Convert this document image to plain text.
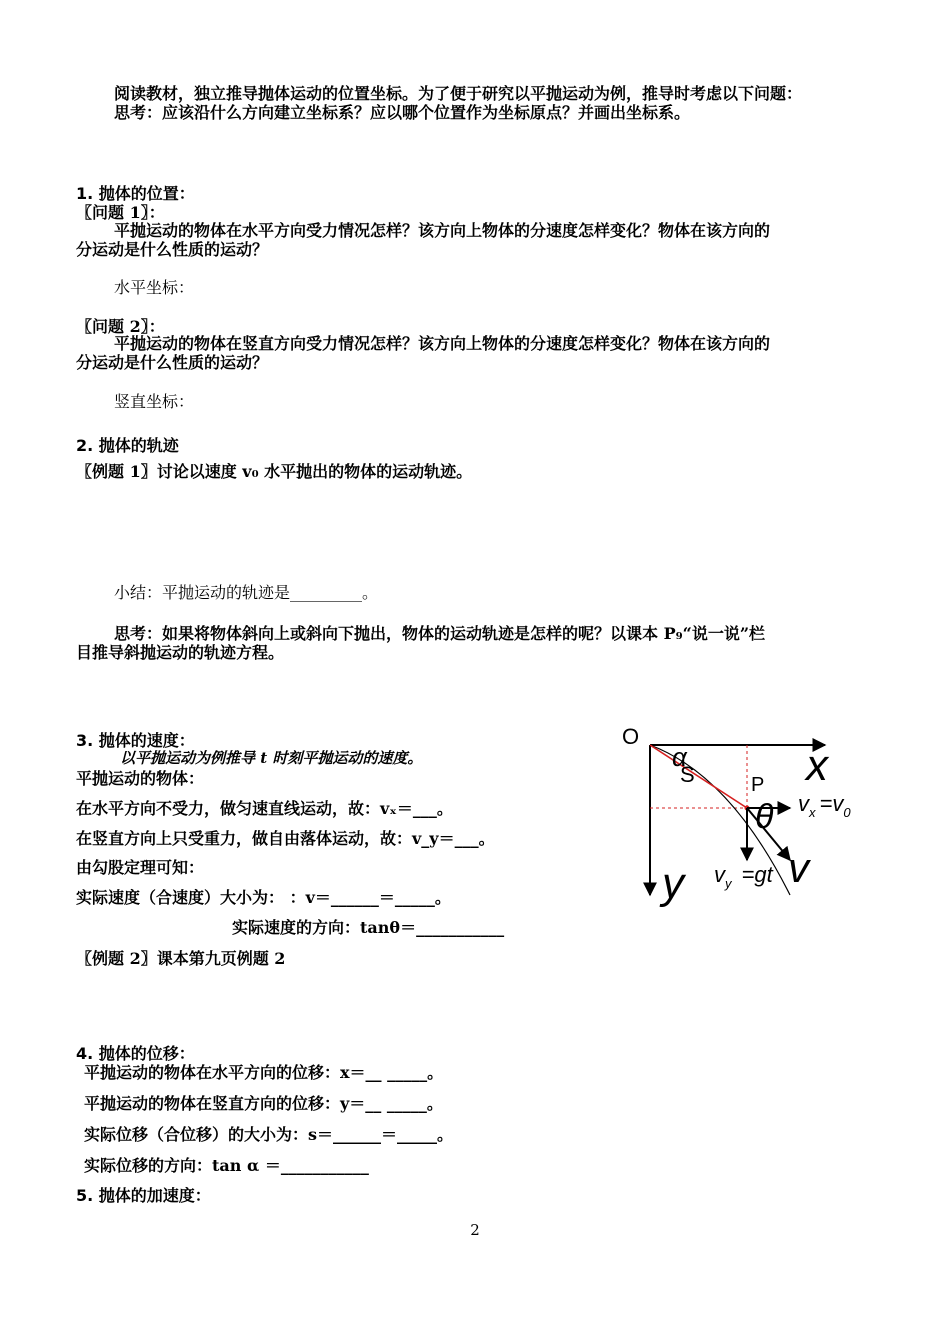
阅读教材，独立推导抛体运动的位置坐标。为了便于研究以平抛运动为例，推导时考虑以下问题：
思考：应该沿什么方向建立坐标系？应以哪个位置作为坐标原点？并画出坐标系。
1. 抛体的位置：
〖问题 1〗：
平抛运动的物体在水平方向受力情况怎样？该方向上物体的分速度怎样变化？物体在该方向的
分运动是什么性质的运动？
水平坐标：
〖问题 2〗：
平抛运动的物体在竖直方向受力情况怎样？该方向上物体的分速度怎样变化？物体在该方向的
分运动是什么性质的运动？
竖直坐标：
2. 抛体的轨迹
〖例题 1〗讨论以速度 v₀ 水平抛出的物体的运动轨迹。
小结：平抛运动的轨迹是_________。
思考：如果将物体斜向上或斜向下抛出，物体的运动轨迹是怎样的呢？以课本 P₉“说一说”栏
目推导斜抛运动的轨迹方程。
3. 抛体的速度：
以平抛运动为例推导 t 时刻平抛运动的速度。
平抛运动的物体：
在水平方向不受力，做匀速直线运动，故：vₓ＝___。
在竖直方向上只受重力，做自由落体运动，故：v_y＝___。
由勾股定理可知：
实际速度（合速度）大小为： ：v＝______＝_____。
实际速度的方向：tanθ＝___________
〖例题 2〗课本第九页例题 2
4. 抛体的位移：
平抛运动的物体在水平方向的位移：x＝__ _____。
平抛运动的物体在竖直方向的位移：y＝__ _____。
实际位移（合位移）的大小为：s＝______＝_____。
实际位移的方向：tan α ＝___________
5. 抛体的加速度：
2
O
x
y
α
S	P
θ $v_x =v_0$
$v_y =gt$ v
